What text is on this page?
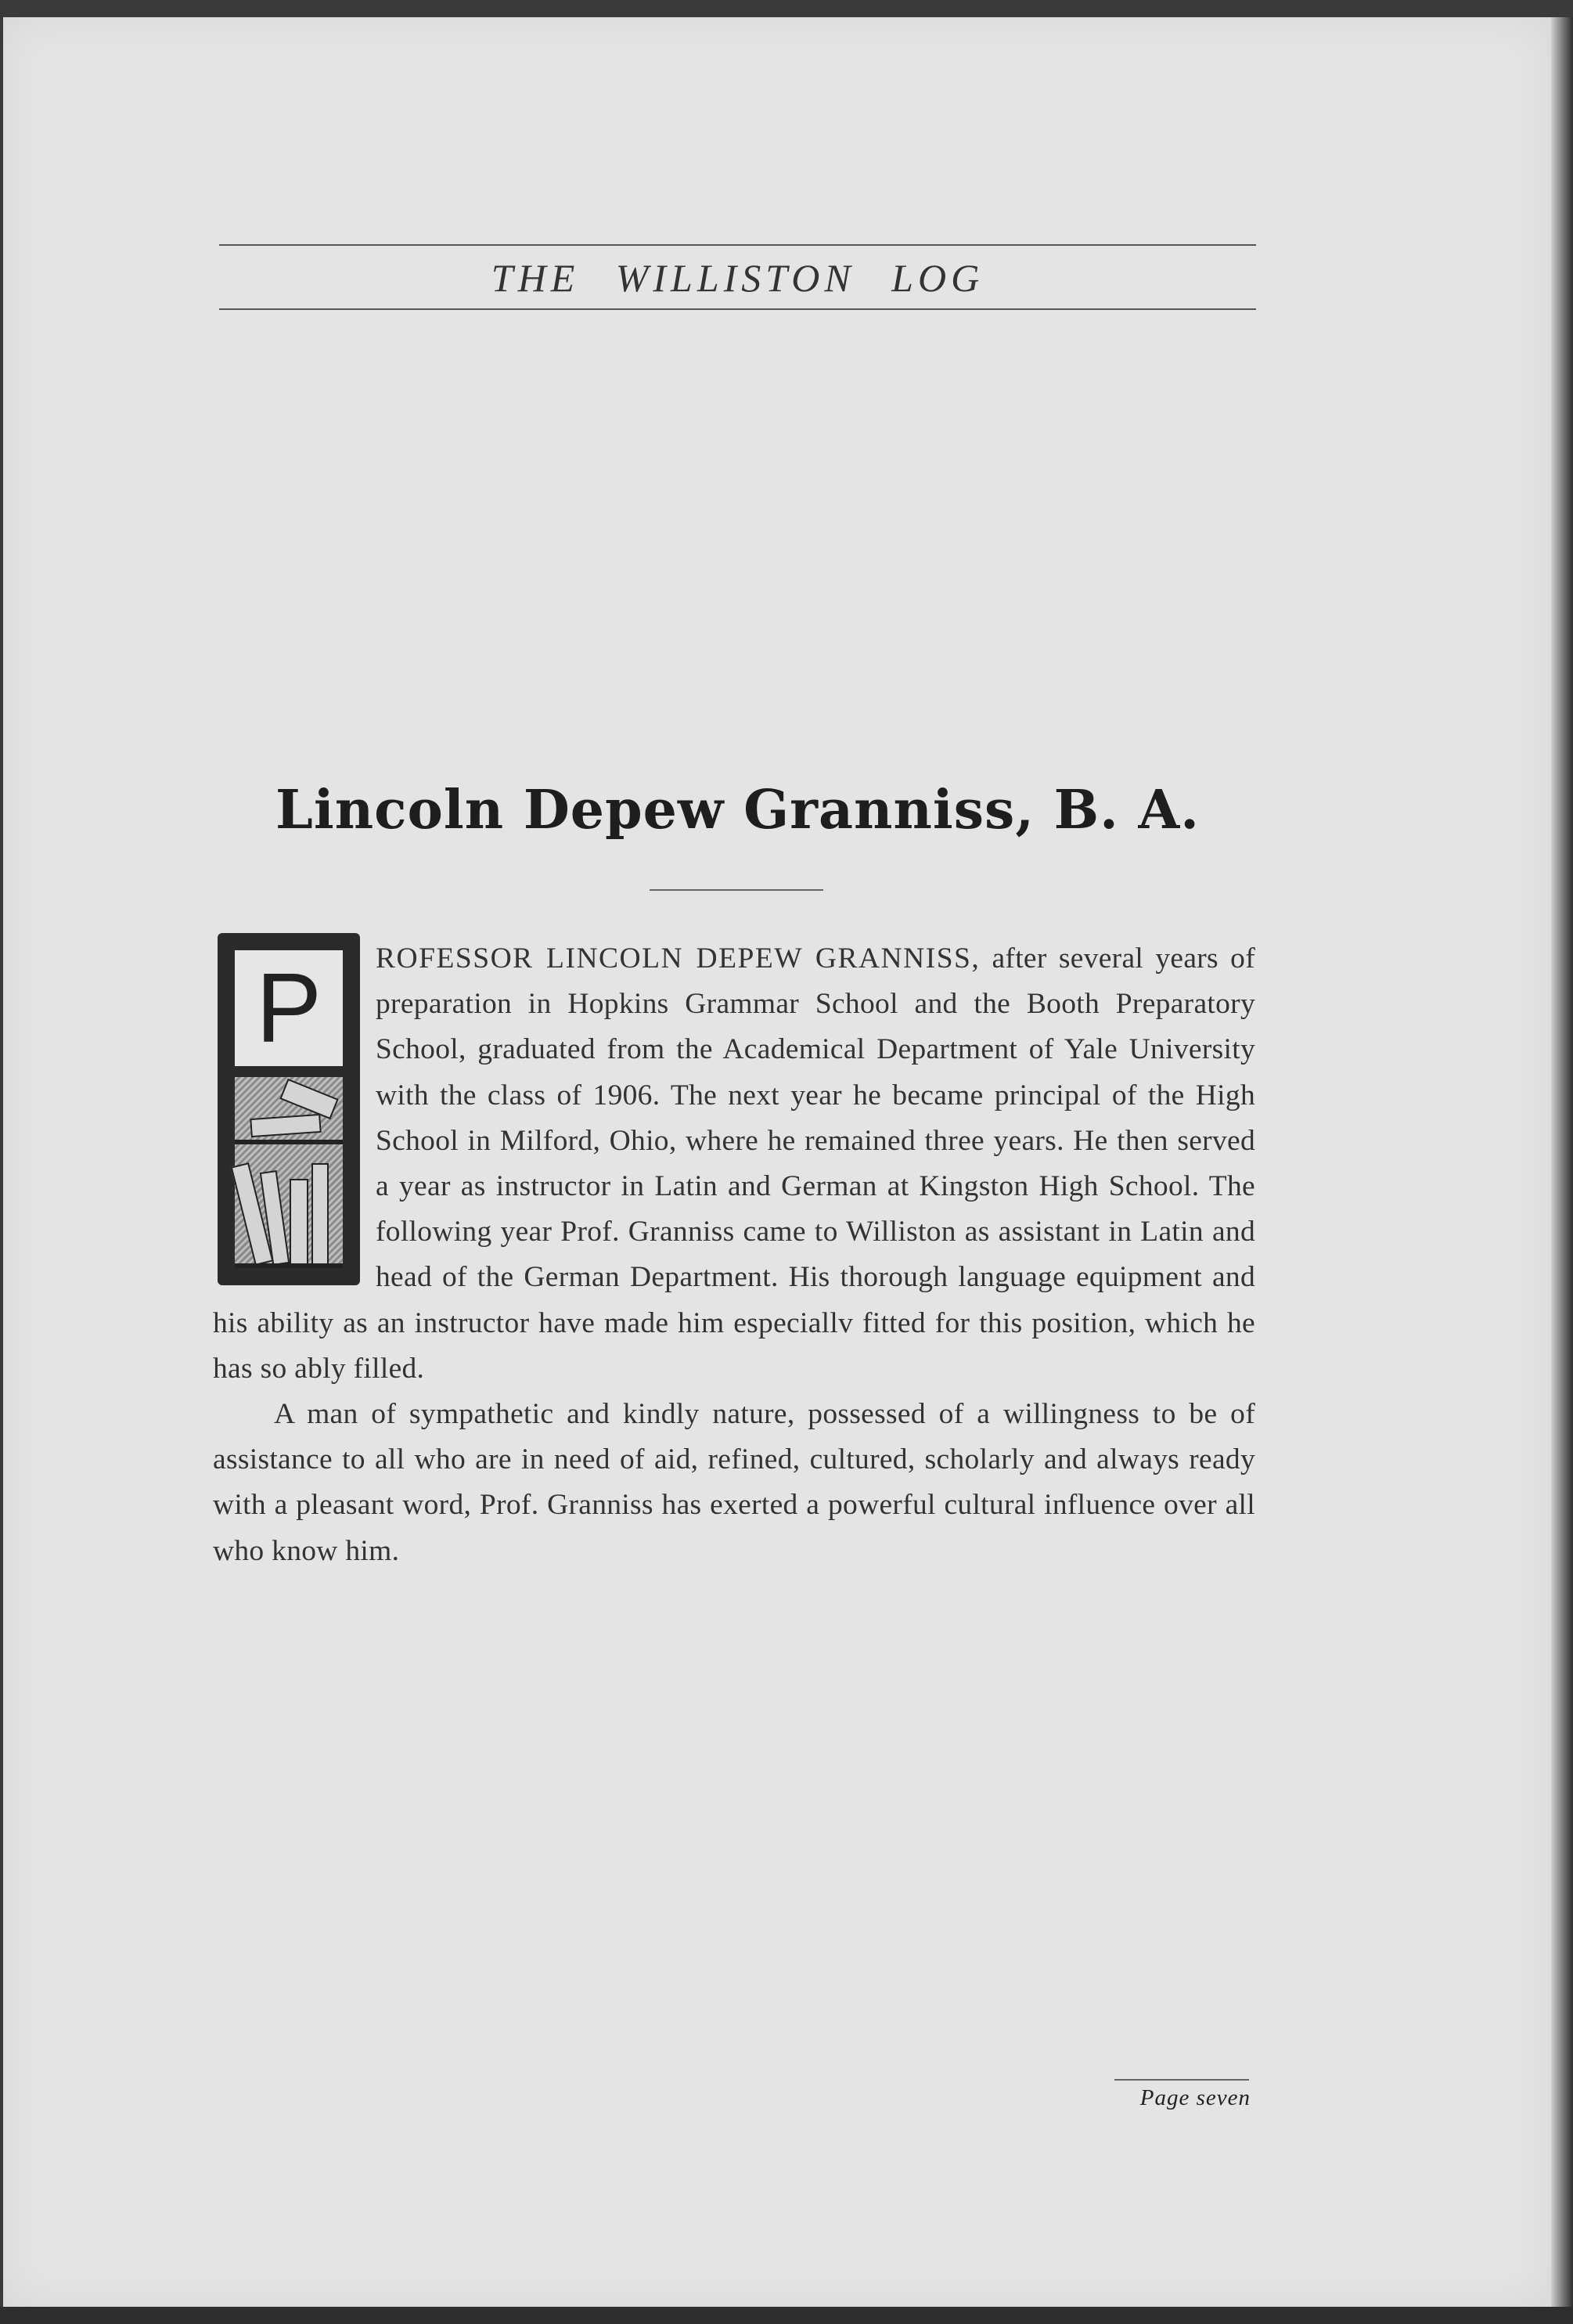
THE WILLISTON LOG
Lincoln Depew Granniss, B. A.
P	ROFESSOR LINCOLN DEPEW GRANNISS, after several years of preparation in Hopkins Grammar School and the Booth Preparatory School, graduated from the Academical Department of Yale University with the class of 1906. The next year he became principal of the High School in Milford, Ohio, where he remained three years. He then served a year as instructor in Latin and German at Kingston High School. The following year Prof. Granniss came to Williston as assistant in Latin and head of the German Department. His thorough language equipment and his ability as an instructor have made him especiallv fitted for this position, which he has so ably filled.

A man of sympathetic and kindly nature, possessed of a willingness to be of assistance to all who are in need of aid, refined, cultured, scholarly and always ready with a pleasant word, Prof. Granniss has exerted a powerful cultural influence over all who know him.

Page seven
